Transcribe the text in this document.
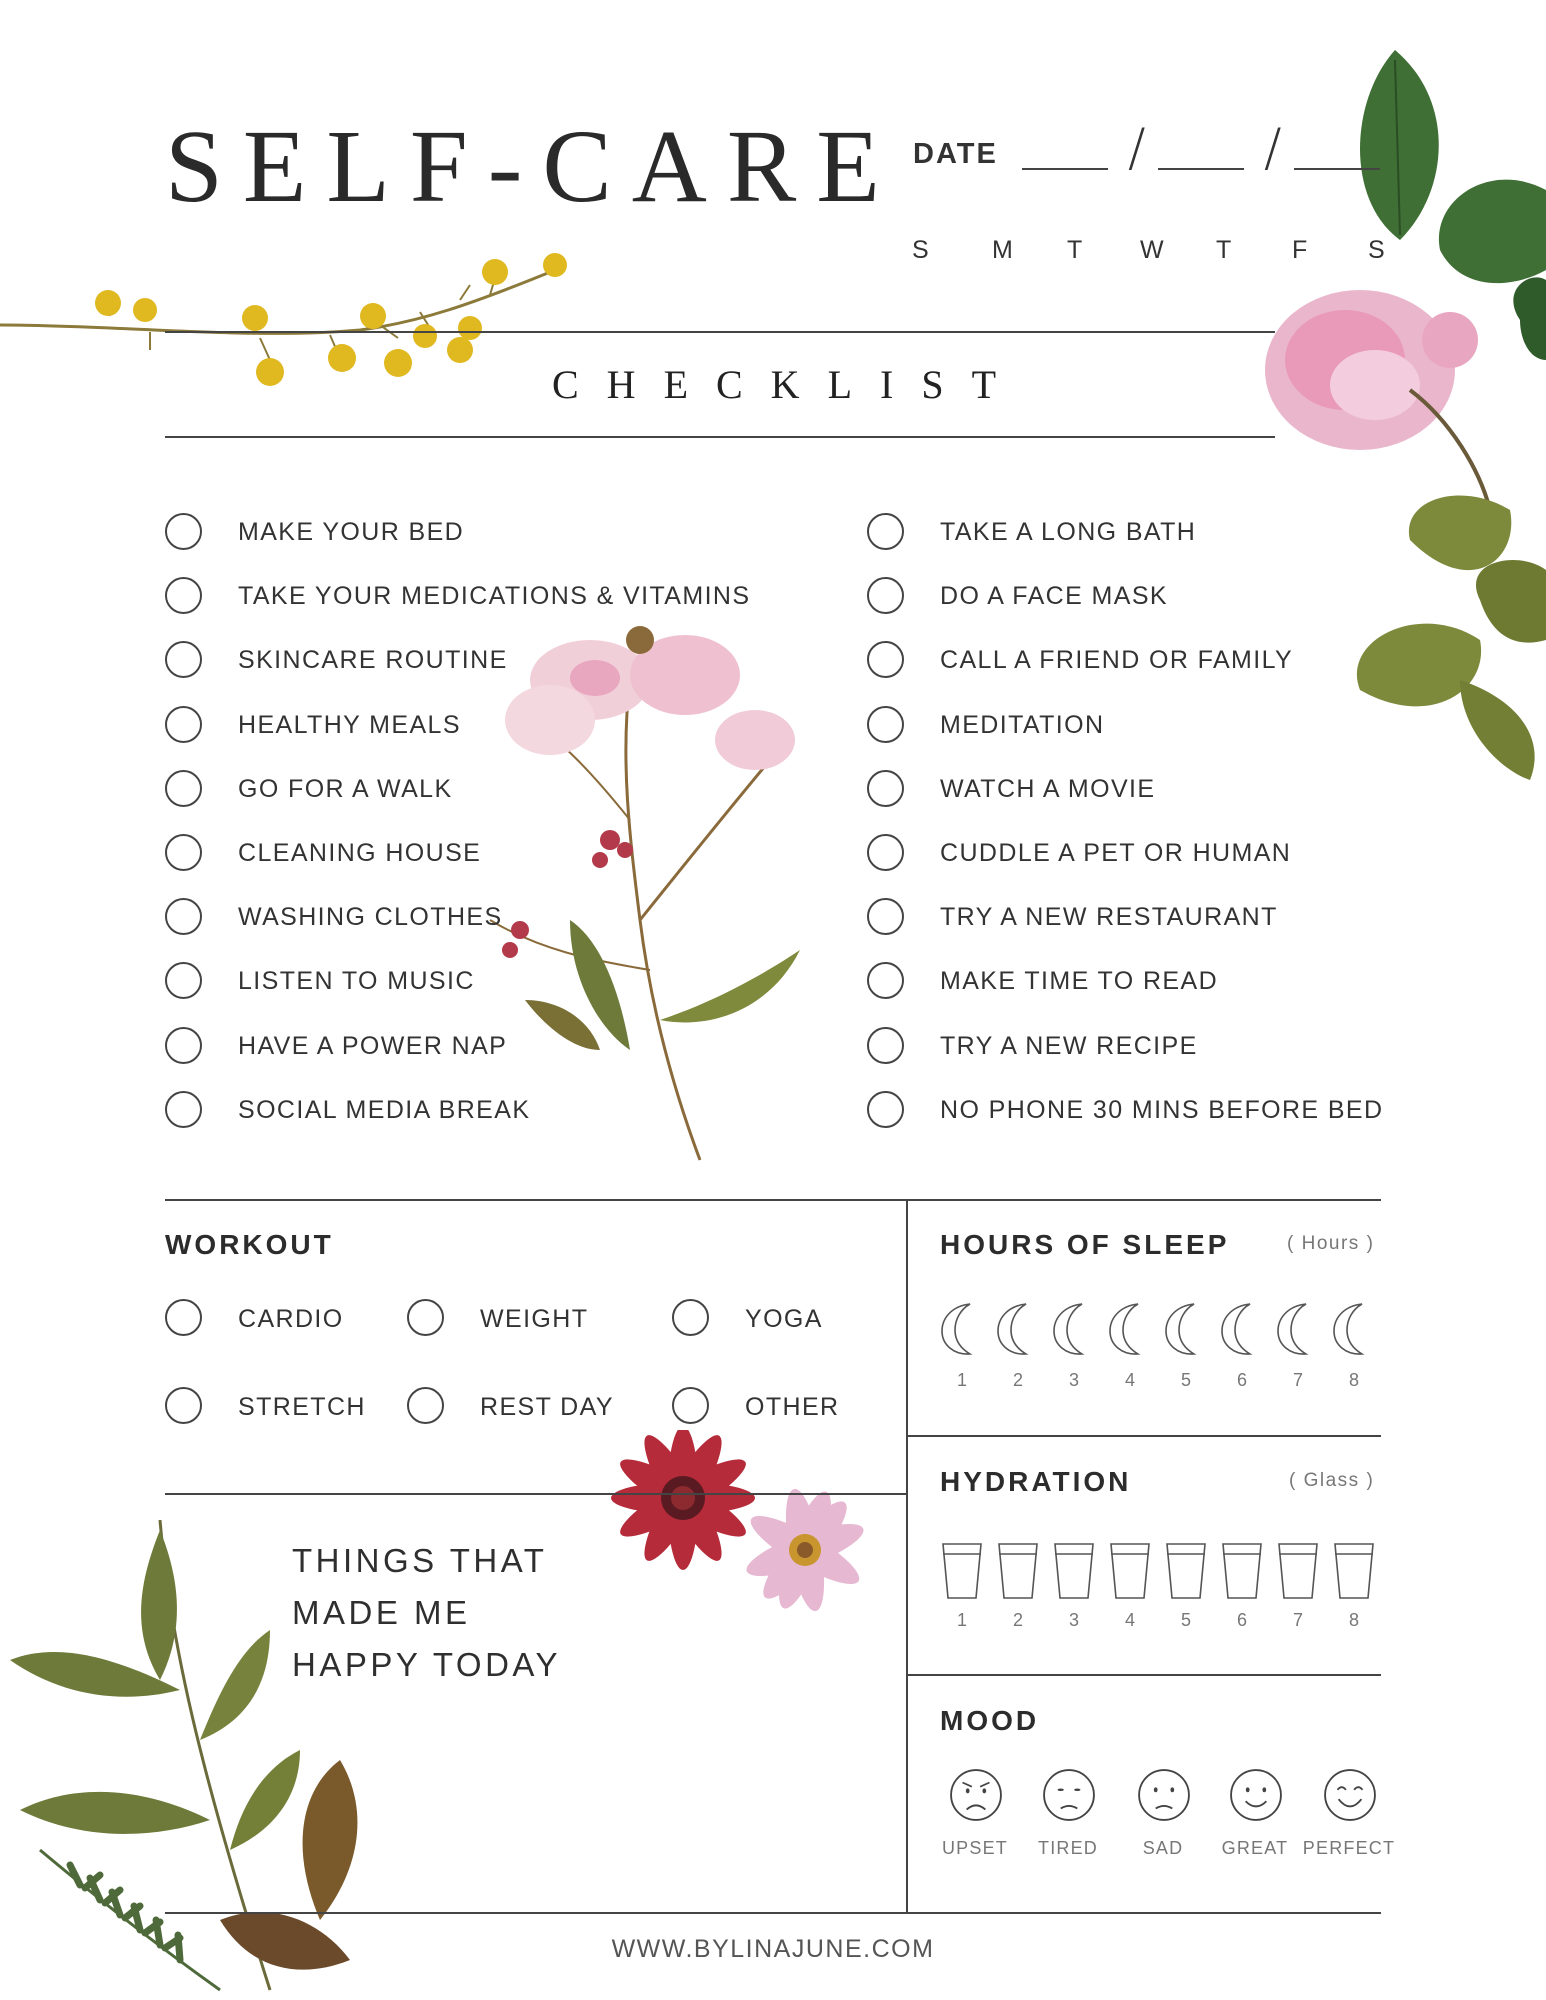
SELF-CARE DATE	/ /
S	M T W T F S
CHECKLIST
MAKE YOUR BED
TAKE YOUR MEDICATIONS & VITAMINS
SKINCARE ROUTINE
HEALTHY MEALS
GO FOR A WALK
CLEANING HOUSE
WASHING CLOTHES
LISTEN TO MUSIC
HAVE A POWER NAP
SOCIAL MEDIA BREAK
TAKE A LONG BATH
DO A FACE MASK
CALL A FRIEND OR FAMILY
MEDITATION
WATCH A MOVIE
CUDDLE A PET OR HUMAN
TRY A NEW RESTAURANT
MAKE TIME TO READ
TRY A NEW RECIPE
NO PHONE 30 MINS BEFORE BED
WORKOUT
CARDIO	WEIGHT	YOGA
STRETCH	REST DAY	OTHER
THINGS THAT
MADE ME
HAPPY TODAY
HOURS OF SLEEP	( Hours )
1	2	3	4	5	6	7	8
HYDRATION	( Glass )
1	2	3	4	5	6	7	8
MOOD
UPSET	TIRED	SAD	GREAT PERFECT
WWW.BYLINAJUNE.COM
